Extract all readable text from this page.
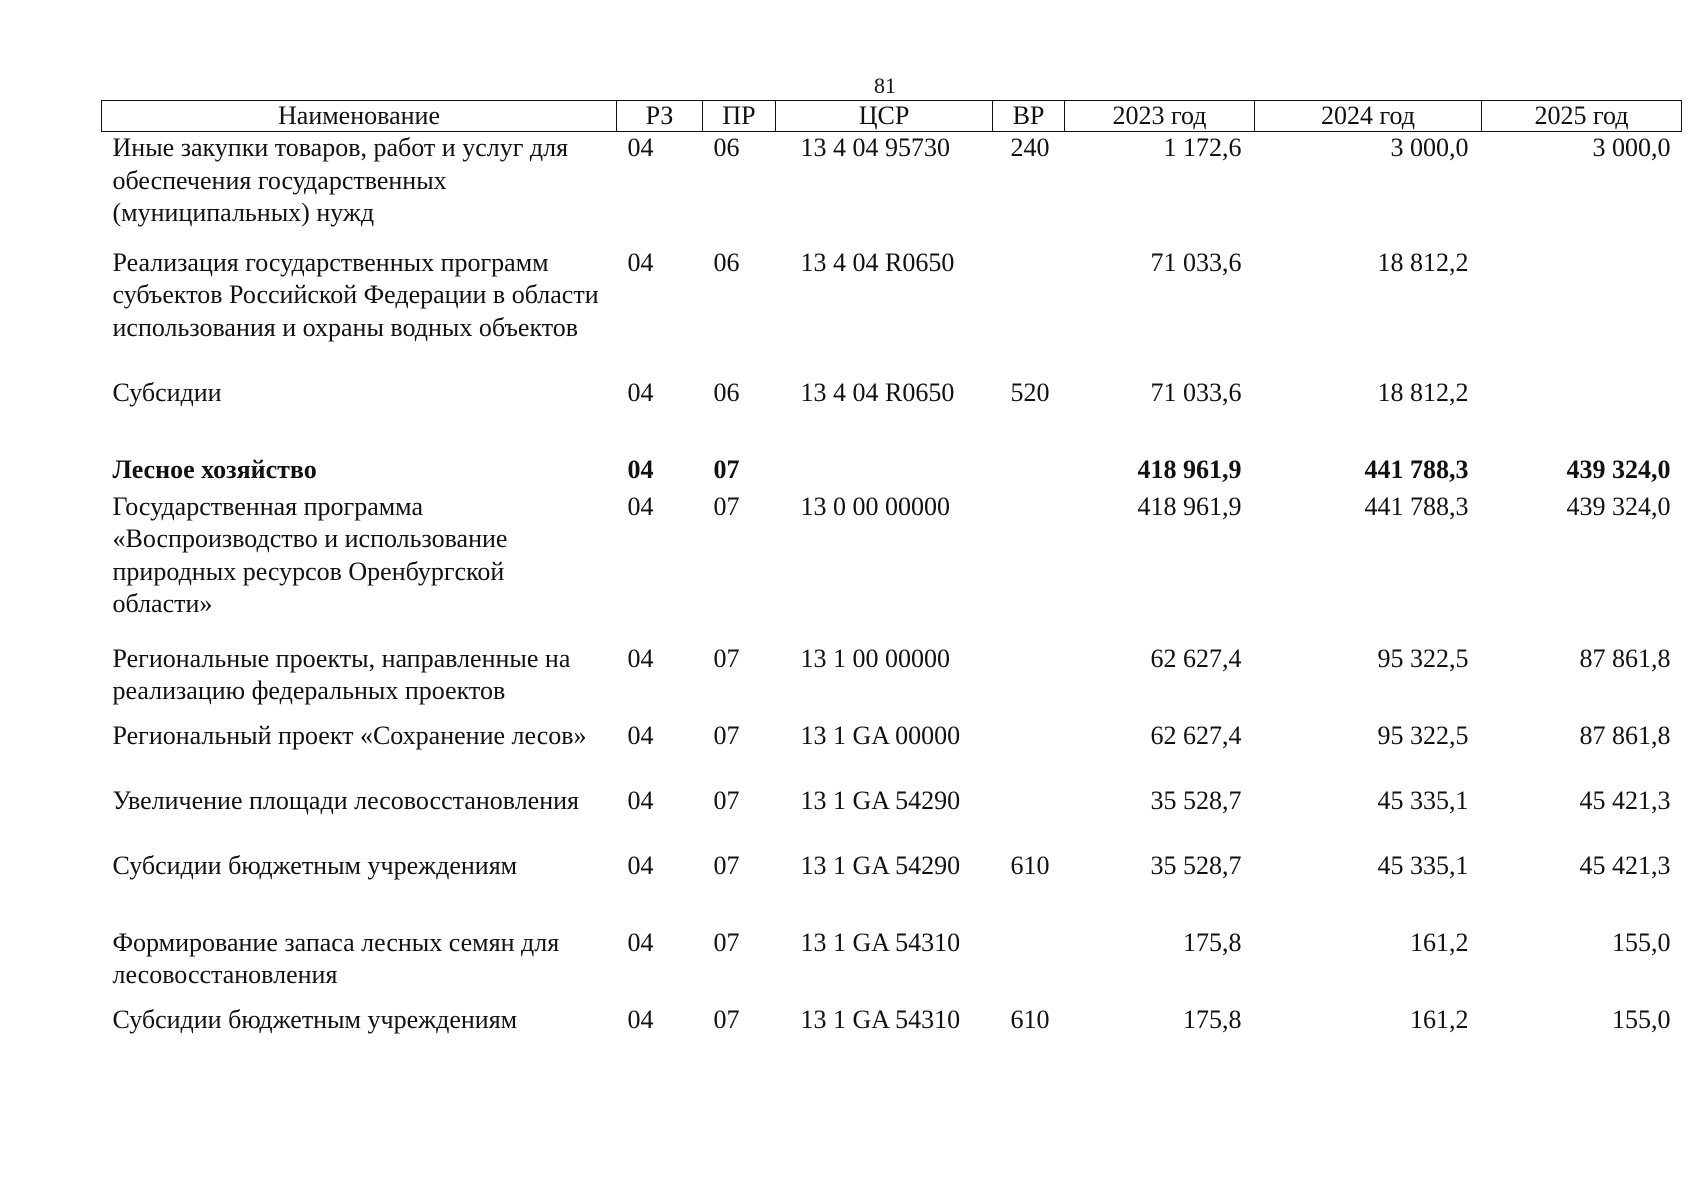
81
Наименование	РЗ	ПР	ЦСР	ВР	2023 год	2024 год	2025 год
Иные закупки товаров, работ и услуг для обеспечения государственных (муниципальных) нужд	04	06	13 4 04 95730	240	1 172,6	3 000,0	3 000,0
Реализация государственных программ субъектов Российской Федерации в области использования и охраны водных объектов	04	06	13 4 04 R0650		71 033,6	18 812,2	
Субсидии	04	06	13 4 04 R0650	520	71 033,6	18 812,2	
Лесное хозяйство	04	07			418 961,9	441 788,3	439 324,0
Государственная программа «Воспроизводство и использование природных ресурсов Оренбургской области»	04	07	13 0 00 00000		418 961,9	441 788,3	439 324,0
Региональные проекты, направленные на реализацию федеральных проектов	04	07	13 1 00 00000		62 627,4	95 322,5	87 861,8
Региональный проект «Сохранение лесов»	04	07	13 1 GA 00000		62 627,4	95 322,5	87 861,8
Увеличение площади лесовосстановления	04	07	13 1 GA 54290		35 528,7	45 335,1	45 421,3
Субсидии бюджетным учреждениям	04	07	13 1 GA 54290	610	35 528,7	45 335,1	45 421,3
Формирование запаса лесных семян для лесовосстановления	04	07	13 1 GA 54310		175,8	161,2	155,0
Субсидии бюджетным учреждениям	04	07	13 1 GA 54310	610	175,8	161,2	155,0
